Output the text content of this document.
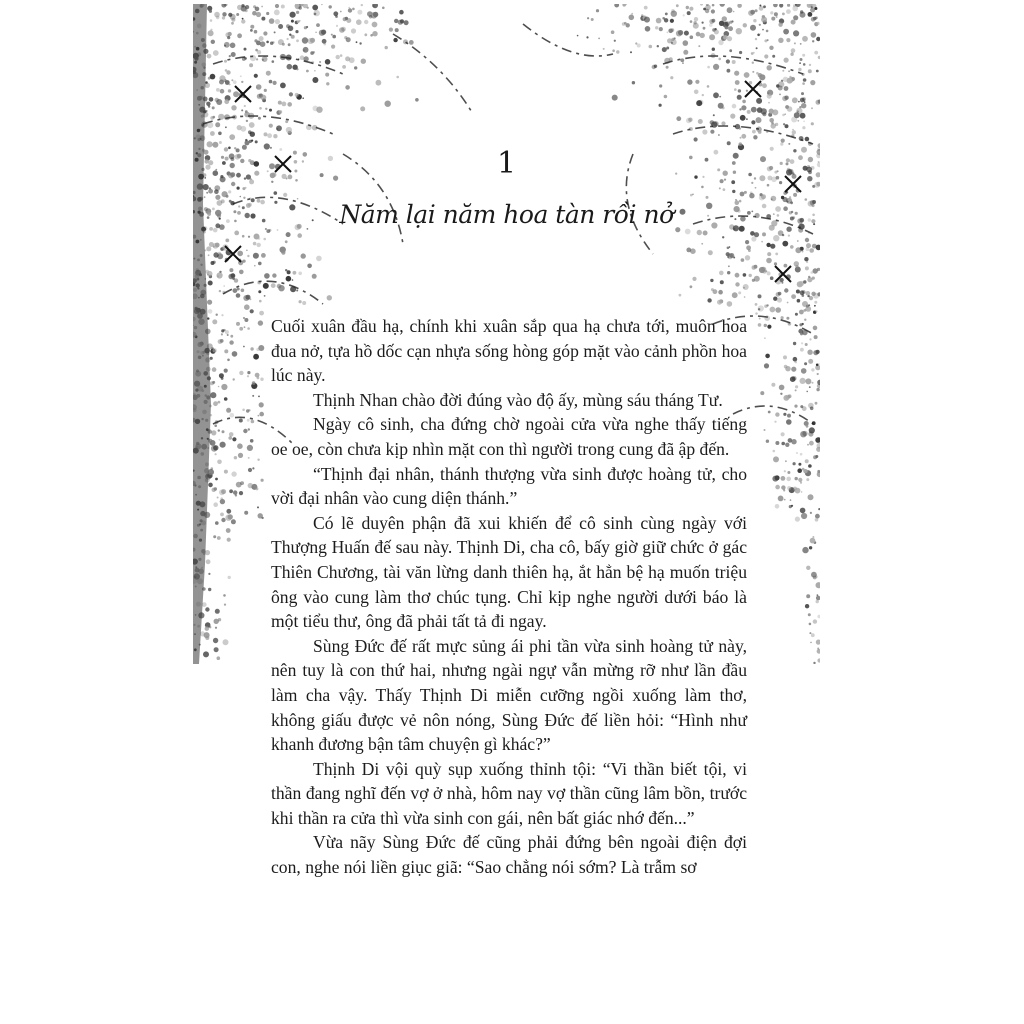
1
Năm lại năm hoa tàn rồi nở

Cuối xuân đầu hạ, chính khi xuân sắp qua hạ chưa tới, muôn hoa đua nở, tựa hồ dốc cạn nhựa sống hòng góp mặt vào cảnh phồn hoa lúc này.

Thịnh Nhan chào đời đúng vào độ ấy, mùng sáu tháng Tư.

Ngày cô sinh, cha đứng chờ ngoài cửa vừa nghe thấy tiếng oe oe, còn chưa kịp nhìn mặt con thì người trong cung đã ập đến.

“Thịnh đại nhân, thánh thượng vừa sinh được hoàng tử, cho vời đại nhân vào cung diện thánh.”

Có lẽ duyên phận đã xui khiến để cô sinh cùng ngày với Thượng Huấn đế sau này. Thịnh Di, cha cô, bấy giờ giữ chức ở gác Thiên Chương, tài văn lừng danh thiên hạ, ắt hẳn bệ hạ muốn triệu ông vào cung làm thơ chúc tụng. Chỉ kịp nghe người dưới báo là một tiểu thư, ông đã phải tất tả đi ngay.

Sùng Đức đế rất mực sủng ái phi tần vừa sinh hoàng tử này, nên tuy là con thứ hai, nhưng ngài ngự vẫn mừng rỡ như lần đầu làm cha vậy. Thấy Thịnh Di miễn cưỡng ngồi xuống làm thơ, không giấu được vẻ nôn nóng, Sùng Đức đế liền hỏi: “Hình như khanh đương bận tâm chuyện gì khác?”

Thịnh Di vội quỳ sụp xuống thỉnh tội: “Vi thần biết tội, vi thần đang nghĩ đến vợ ở nhà, hôm nay vợ thần cũng lâm bồn, trước khi thần ra cửa thì vừa sinh con gái, nên bất giác nhớ đến...”

Vừa nãy Sùng Đức đế cũng phải đứng bên ngoài điện đợi con, nghe nói liền giục giã: “Sao chẳng nói sớm? Là trẫm sơ
